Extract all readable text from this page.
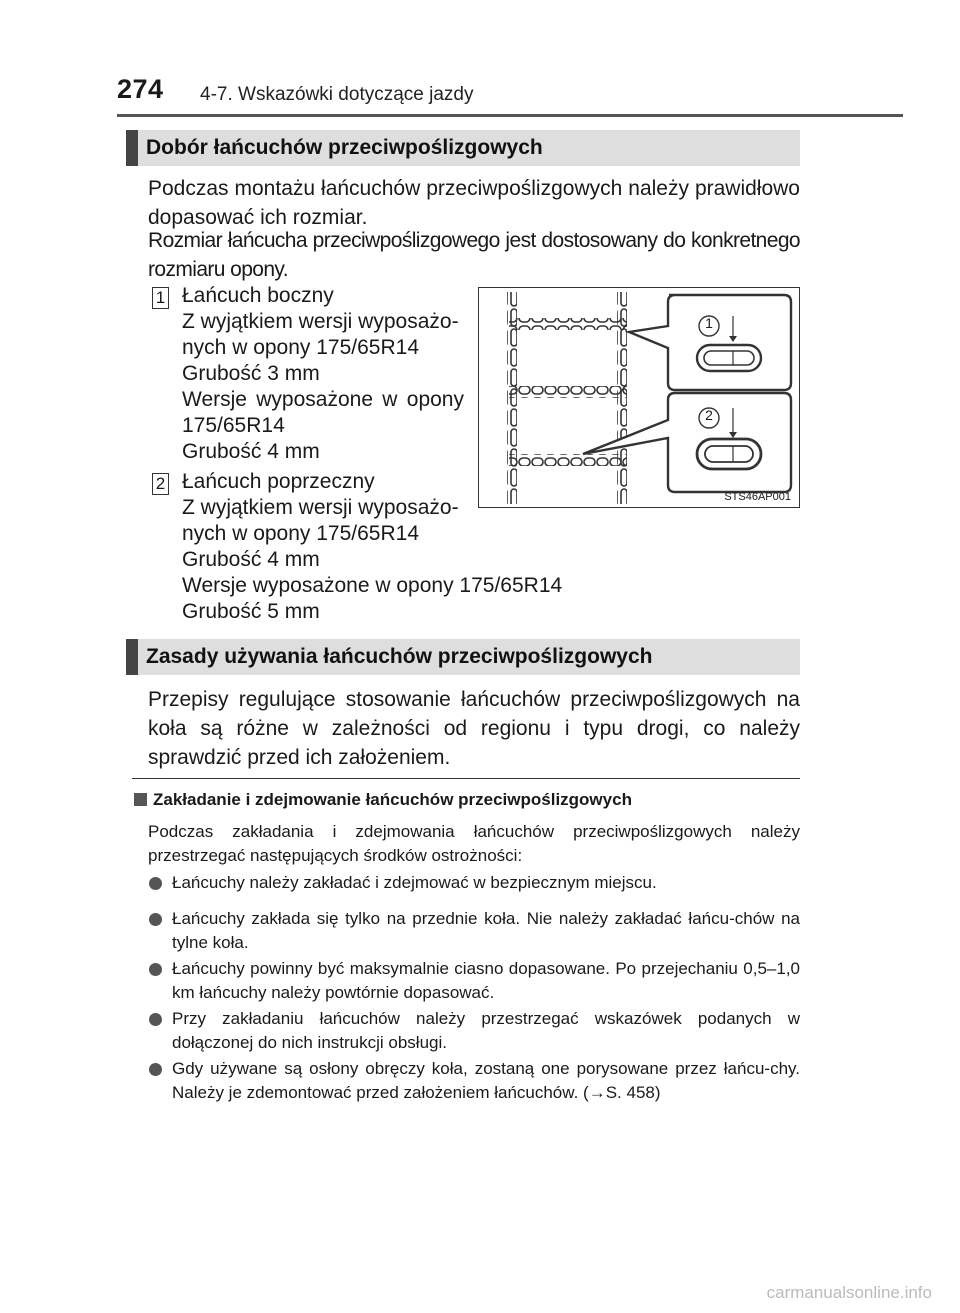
274 4-7. Wskazówki dotyczące jazdy
Dobór łańcuchów przeciwpoślizgowych
Podczas montażu łańcuchów przeciwpoślizgowych należy prawidłowo dopasować ich rozmiar.
Rozmiar łańcucha przeciwpoślizgowego jest dostosowany do konkretnego rozmiaru opony.
1 Łańcuch boczny
Z wyjątkiem wersji wyposażo-
nych w opony 175/65R14
Grubość 3 mm
Wersje wyposażone w opony
175/65R14
Grubość 4 mm
2 Łańcuch poprzeczny
Z wyjątkiem wersji wyposażo-
nych w opony 175/65R14
Grubość 4 mm
Wersje wyposażone w opony 175/65R14
Grubość 5 mm
1
2
STS46AP001
Zasady używania łańcuchów przeciwpoślizgowych
Przepisy regulujące stosowanie łańcuchów przeciwpoślizgowych na koła są różne w zależności od regionu i typu drogi, co należy sprawdzić przed ich założeniem.
Zakładanie i zdejmowanie łańcuchów przeciwpoślizgowych
Podczas zakładania i zdejmowania łańcuchów przeciwpoślizgowych należy przestrzegać następujących środków ostrożności:
Łańcuchy należy zakładać i zdejmować w bezpiecznym miejscu.
Łańcuchy zakłada się tylko na przednie koła. Nie należy zakładać łańcu-chów na tylne koła.
Łańcuchy powinny być maksymalnie ciasno dopasowane. Po przejechaniu 0,5–1,0 km łańcuchy należy powtórnie dopasować.
Przy zakładaniu łańcuchów należy przestrzegać wskazówek podanych w dołączonej do nich instrukcji obsługi.
Gdy używane są osłony obręczy koła, zostaną one porysowane przez łańcu-chy. Należy je zdemontować przed założeniem łańcuchów. (→S. 458)
carmanualsonline.info
